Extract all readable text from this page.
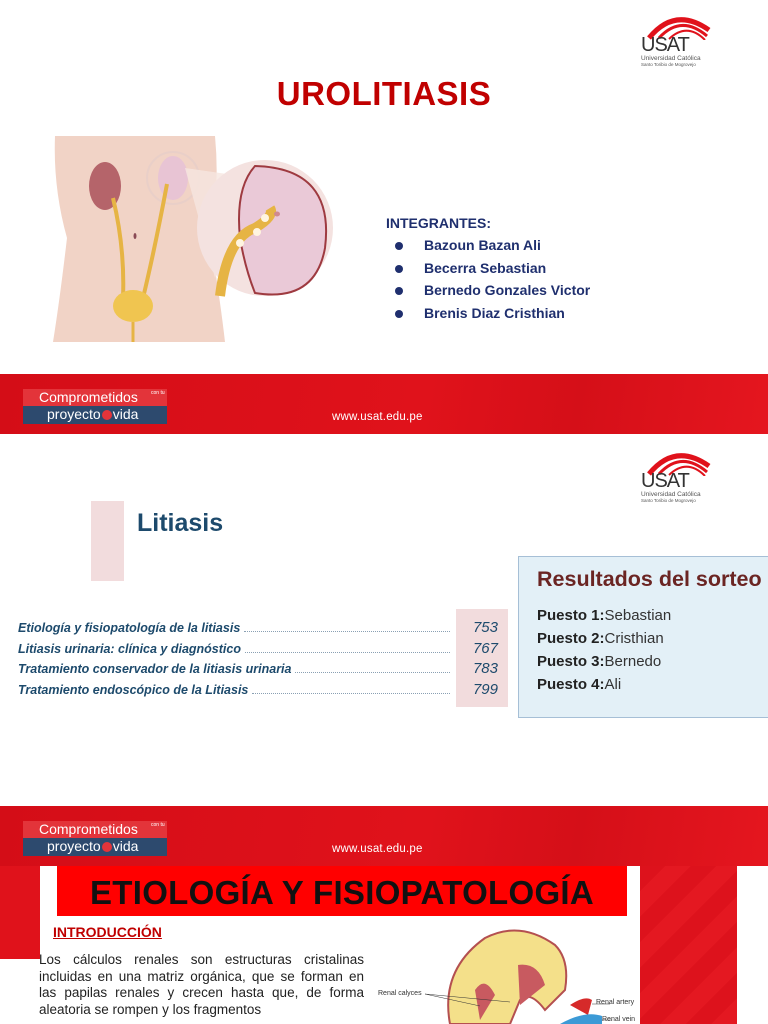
USAT
Universidad Católica
Santo Toribio de Mogrovejo
UROLITIASIS
INTEGRANTES:
Bazoun Bazan Ali
Becerra Sebastian
Bernedo Gonzales Victor
Brenis Diaz Cristhian
Comprometidos	con tu
proyecto vida	www.usat.edu.pe
USAT
Universidad Católica
Santo Toribio de Mogrovejo
Litiasis
Etiología y fisiopatología de la litiasis	753
Litiasis urinaria: clínica y diagnóstico	767
Tratamiento conservador de la litiasis urinaria	783
Tratamiento endoscópico de la Litiasis	799
Resultados del sorteo
Puesto 1:Sebastian
Puesto 2:Cristhian
Puesto 3:Bernedo
Puesto 4:Ali
Comprometidos	con tu
proyecto vida	www.usat.edu.pe
ETIOLOGÍA Y FISIOPATOLOGÍA
INTRODUCCIÓN

Los cálculos renales son estructuras cristalinas incluidas en una matriz orgánica, que se forman en las papilas renales y crecen hasta que, de forma aleatoria se rompen y los fragmentos

Renal calyces
Renal artery
Renal vein
